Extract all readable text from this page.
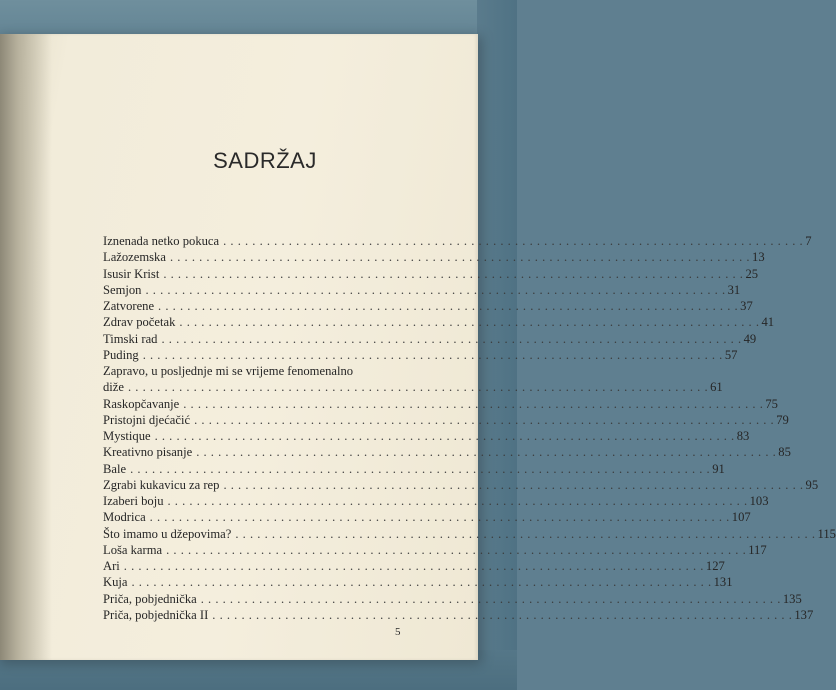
SADRŽAJ
Iznenada netko pokuca . . . . . . . . . . . . . . . . . . . . . . . . . . . . . . . . . . . . . . . . . . . . . . . . . . . . . . . . . . . . . . . . . . . . . . . . . . . . . . . . 7
Lažozemska . . . . . . . . . . . . . . . . . . . . . . . . . . . . . . . . . . . . . . . . . . . . . . . . . . . . . . . . . . . . . . . . . . . . . . . . . . . . . . . . 13
Isusir Krist . . . . . . . . . . . . . . . . . . . . . . . . . . . . . . . . . . . . . . . . . . . . . . . . . . . . . . . . . . . . . . . . . . . . . . . . . . . . . . . . 25
Semjon . . . . . . . . . . . . . . . . . . . . . . . . . . . . . . . . . . . . . . . . . . . . . . . . . . . . . . . . . . . . . . . . . . . . . . . . . . . . . . . . 31
Zatvorene . . . . . . . . . . . . . . . . . . . . . . . . . . . . . . . . . . . . . . . . . . . . . . . . . . . . . . . . . . . . . . . . . . . . . . . . . . . . . . . . 37
Zdrav početak . . . . . . . . . . . . . . . . . . . . . . . . . . . . . . . . . . . . . . . . . . . . . . . . . . . . . . . . . . . . . . . . . . . . . . . . . . . . . . . . 41
Timski rad . . . . . . . . . . . . . . . . . . . . . . . . . . . . . . . . . . . . . . . . . . . . . . . . . . . . . . . . . . . . . . . . . . . . . . . . . . . . . . . . 49
Puding . . . . . . . . . . . . . . . . . . . . . . . . . . . . . . . . . . . . . . . . . . . . . . . . . . . . . . . . . . . . . . . . . . . . . . . . . . . . . . . . 57
Zapravo, u posljednje mi se vrijeme fenomenalno
diže . . . . . . . . . . . . . . . . . . . . . . . . . . . . . . . . . . . . . . . . . . . . . . . . . . . . . . . . . . . . . . . . . . . . . . . . . . . . . . . . 61
Raskopčavanje . . . . . . . . . . . . . . . . . . . . . . . . . . . . . . . . . . . . . . . . . . . . . . . . . . . . . . . . . . . . . . . . . . . . . . . . . . . . . . . . 75
Pristojni djećačić . . . . . . . . . . . . . . . . . . . . . . . . . . . . . . . . . . . . . . . . . . . . . . . . . . . . . . . . . . . . . . . . . . . . . . . . . . . . . . . . 79
Mystique . . . . . . . . . . . . . . . . . . . . . . . . . . . . . . . . . . . . . . . . . . . . . . . . . . . . . . . . . . . . . . . . . . . . . . . . . . . . . . . . 83
Kreativno pisanje . . . . . . . . . . . . . . . . . . . . . . . . . . . . . . . . . . . . . . . . . . . . . . . . . . . . . . . . . . . . . . . . . . . . . . . . . . . . . . . . 85
Bale . . . . . . . . . . . . . . . . . . . . . . . . . . . . . . . . . . . . . . . . . . . . . . . . . . . . . . . . . . . . . . . . . . . . . . . . . . . . . . . . 91
Zgrabi kukavicu za rep . . . . . . . . . . . . . . . . . . . . . . . . . . . . . . . . . . . . . . . . . . . . . . . . . . . . . . . . . . . . . . . . . . . . . . . . . . . . . . . . 95
Izaberi boju . . . . . . . . . . . . . . . . . . . . . . . . . . . . . . . . . . . . . . . . . . . . . . . . . . . . . . . . . . . . . . . . . . . . . . . . . . . . . . . . 103
Modrica . . . . . . . . . . . . . . . . . . . . . . . . . . . . . . . . . . . . . . . . . . . . . . . . . . . . . . . . . . . . . . . . . . . . . . . . . . . . . . . . 107
Što imamo u džepovima? . . . . . . . . . . . . . . . . . . . . . . . . . . . . . . . . . . . . . . . . . . . . . . . . . . . . . . . . . . . . . . . . . . . . . . . . . . . . . . . . 115
Loša karma . . . . . . . . . . . . . . . . . . . . . . . . . . . . . . . . . . . . . . . . . . . . . . . . . . . . . . . . . . . . . . . . . . . . . . . . . . . . . . . . 117
Ari . . . . . . . . . . . . . . . . . . . . . . . . . . . . . . . . . . . . . . . . . . . . . . . . . . . . . . . . . . . . . . . . . . . . . . . . . . . . . . . . 127
Kuja . . . . . . . . . . . . . . . . . . . . . . . . . . . . . . . . . . . . . . . . . . . . . . . . . . . . . . . . . . . . . . . . . . . . . . . . . . . . . . . . 131
Priča, pobjednička . . . . . . . . . . . . . . . . . . . . . . . . . . . . . . . . . . . . . . . . . . . . . . . . . . . . . . . . . . . . . . . . . . . . . . . . . . . . . . . . 135
Priča, pobjednička II . . . . . . . . . . . . . . . . . . . . . . . . . . . . . . . . . . . . . . . . . . . . . . . . . . . . . . . . . . . . . . . . . . . . . . . . . . . . . . . . 137
5
